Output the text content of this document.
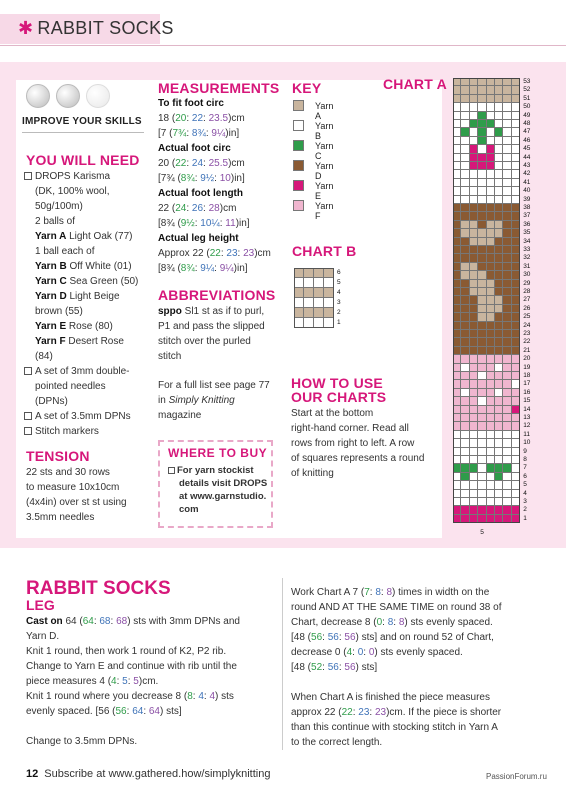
✱ RABBIT SOCKS
IMPROVE YOUR SKILLS
YOU WILL NEED
DROPS Karisma
(DK, 100% wool,
50g/100m)
2 balls of
Yarn A Light Oak (77)
1 ball each of
Yarn B Off White (01)
Yarn C Sea Green (50)
Yarn D Light Beige
brown (55)
Yarn E Rose (80)
Yarn F Desert Rose
(84)
A set of 3mm double-
pointed needles
(DPNs)
A set of 3.5mm DPNs
Stitch markers
TENSION
22 sts and 30 rows
to measure 10x10cm
(4x4in) over st st using
3.5mm needles
MEASUREMENTS
To fit foot circ
18 (20: 22: 23.5)cm
[7 (7¾: 8¾: 9¼)in]
Actual foot circ
20 (22: 24: 25.5)cm
[7¾ (8¾: 9½: 10)in]
Actual foot length
22 (24: 26: 28)cm
[8¾ (9½: 10¼: 11)in]
Actual leg height
Approx 22 (22: 23: 23)cm
[8¾ (8¾: 9¼: 9¼)in]
ABBREVIATIONS
sppo Sl1 st as if to purl,
P1 and pass the slipped
stitch over the purled
stitch
For a full list see page 77
in Simply Knitting
magazine
WHERE TO BUY
For yarn stockist
details visit DROPS
at www.garnstudio.
com
KEY
Yarn A
Yarn B
Yarn C
Yarn D
Yarn E
Yarn F
CHART B
6
5
4
3
2
1
HOW TO USE
OUR CHARTS
Start at the bottom
right-hand corner. Read all
rows from right to left. A row
of squares represents a round
of knitting
CHART A	53
52
51
50
49
48
47
46
45
44
43
42
41
40
39
38
37
36
35
34
33
32
31
30
29
28
27
26
25
24
23
22
21
20
19
18
17
16
15
14
13
12
11
10
9
8
7
6
5
4
3
2
1
5
RABBIT SOCKS
LEG
Cast on 64 (64: 68: 68) sts with 3mm DPNs and
Yarn D.
Knit 1 round, then work 1 round of K2, P2 rib.
Change to Yarn E and continue with rib until the
piece measures 4 (4: 5: 5)cm.
Knit 1 round where you decrease 8 (8: 4: 4) sts
evenly spaced. [56 (56: 64: 64) sts]

Change to 3.5mm DPNs.
Work Chart A 7 (7: 8: 8) times in width on the
round AND AT THE SAME TIME on round 38 of
Chart, decrease 8 (0: 8: 8) sts evenly spaced.
[48 (56: 56: 56) sts] and on round 52 of Chart,
decrease 0 (4: 0: 0) sts evenly spaced.
[48 (52: 56: 56) sts]

When Chart A is finished the piece measures
approx 22 (22: 23: 23)cm. If the piece is shorter
than this continue with stocking stitch in Yarn A
to the correct length.
12 Subscribe at www.gathered.how/simplyknitting	PassionForum.ru
